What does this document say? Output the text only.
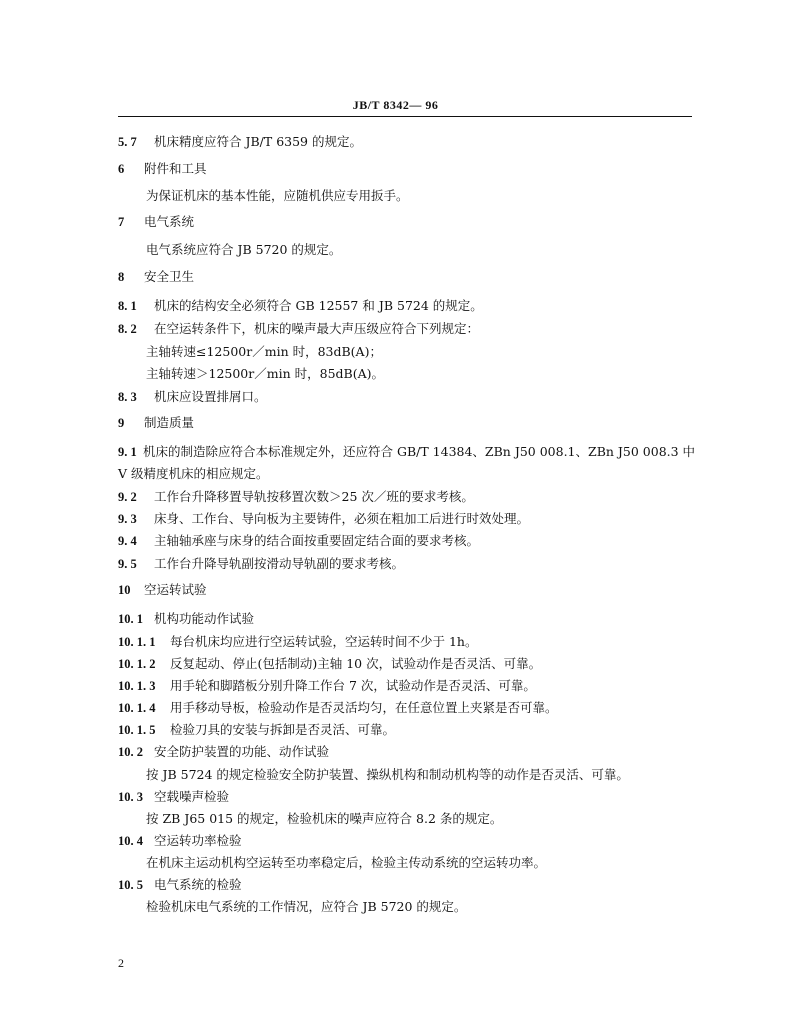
JB/T 8342— 96
5. 7 机床精度应符合 JB/T 6359 的规定。
6 附件和工具
为保证机床的基本性能，应随机供应专用扳手。
7 电气系统
电气系统应符合 JB 5720 的规定。
8 安全卫生
8. 1 机床的结构安全必须符合 GB 12557 和 JB 5724 的规定。
8. 2 在空运转条件下，机床的噪声最大声压级应符合下列规定：
主轴转速≤12500r／min 时，83dB(A)；
主轴转速＞12500r／min 时，85dB(A)。
8. 3 机床应设置排屑口。
9 制造质量
9. 1 机床的制造除应符合本标准规定外，还应符合 GB/T 14384、ZBn J50 008.1、ZBn J50 008.3 中
V 级精度机床的相应规定。
9. 2 工作台升降移置导轨按移置次数＞25 次／班的要求考核。
9. 3 床身、工作台、导向板为主要铸件，必须在粗加工后进行时效处理。
9. 4 主轴轴承座与床身的结合面按重要固定结合面的要求考核。
9. 5 工作台升降导轨副按滑动导轨副的要求考核。
10 空运转试验
10. 1 机构功能动作试验
10. 1. 1 每台机床均应进行空运转试验，空运转时间不少于 1h。
10. 1. 2 反复起动、停止(包括制动)主轴 10 次，试验动作是否灵活、可靠。
10. 1. 3 用手轮和脚踏板分别升降工作台 7 次，试验动作是否灵活、可靠。
10. 1. 4 用手移动导板，检验动作是否灵活均匀，在任意位置上夹紧是否可靠。
10. 1. 5 检验刀具的安装与拆卸是否灵活、可靠。
10. 2 安全防护装置的功能、动作试验
按 JB 5724 的规定检验安全防护装置、操纵机构和制动机构等的动作是否灵活、可靠。
10. 3 空载噪声检验
按 ZB J65 015 的规定，检验机床的噪声应符合 8.2 条的规定。
10. 4 空运转功率检验
在机床主运动机构空运转至功率稳定后，检验主传动系统的空运转功率。
10. 5 电气系统的检验
检验机床电气系统的工作情况，应符合 JB 5720 的规定。
2
